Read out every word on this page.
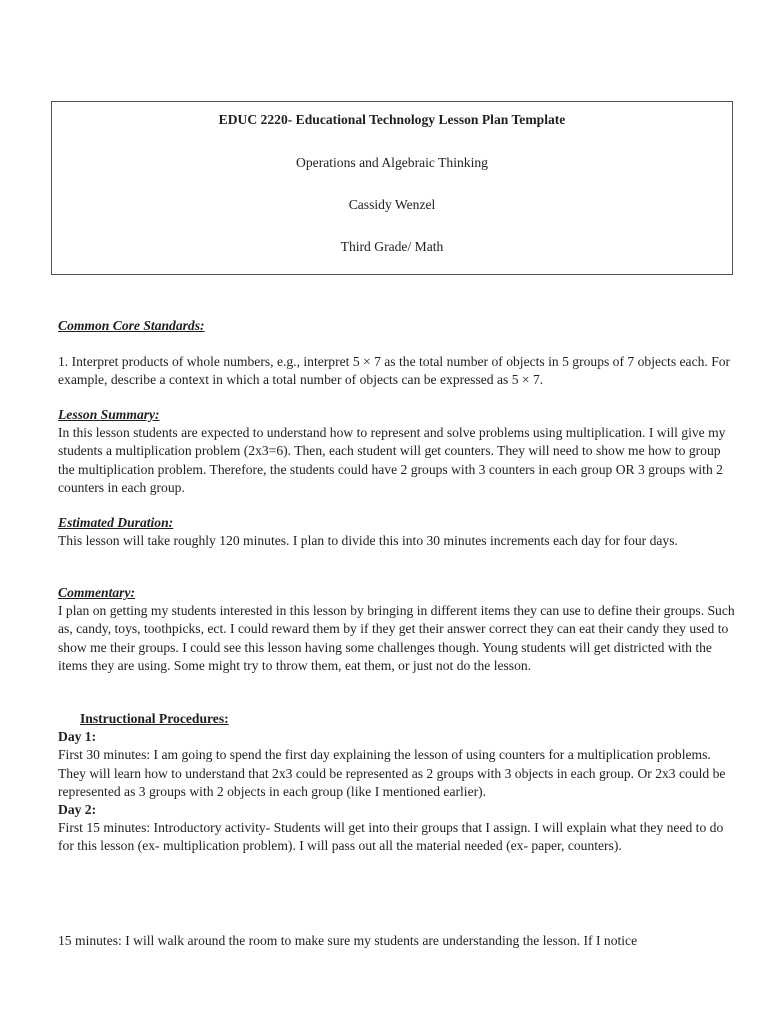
EDUC 2220- Educational Technology Lesson Plan Template
Operations and Algebraic Thinking
Cassidy Wenzel
Third Grade/ Math

Common Core Standards:

1. Interpret products of whole numbers, e.g., interpret 5 × 7 as the total number of objects in 5 groups of 7 objects each. For example, describe a context in which a total number of objects can be expressed as 5 × 7.

Lesson Summary:

In this lesson students are expected to understand how to represent and solve problems using multiplication. I will give my students a multiplication problem (2x3=6). Then, each student will get counters. They will need to show me how to group the multiplication problem. Therefore, the students could have 2 groups with 3 counters in each group OR 3 groups with 2 counters in each group.

Estimated Duration:

This lesson will take roughly 120 minutes. I plan to divide this into 30 minutes increments each day for four days.

Commentary:

I plan on getting my students interested in this lesson by bringing in different items they can use to define their groups. Such as, candy, toys, toothpicks, ect. I could reward them by if they get their answer correct they can eat their candy they used to show me their groups. I could see this lesson having some challenges though. Young students will get districted with the items they are using. Some might try to throw them, eat them, or just not do the lesson.

Instructional Procedures:

Day 1:

First 30 minutes: I am going to spend the first day explaining the lesson of using counters for a multiplication problems. They will learn how to understand that 2x3 could be represented as 2 groups with 3 objects in each group. Or 2x3 could be represented as 3 groups with 2 objects in each group (like I mentioned earlier).

Day 2:

First 15 minutes: Introductory activity- Students will get into their groups that I assign. I will explain what they need to do for this lesson (ex- multiplication problem). I will pass out all the material needed (ex- paper, counters).

15 minutes: I will walk around the room to make sure my students are understanding the lesson. If I notice
